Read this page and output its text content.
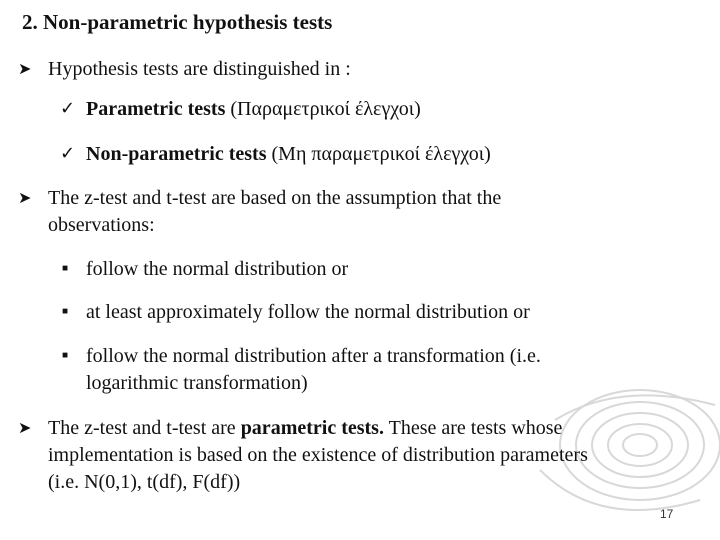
2. Non-parametric hypothesis tests
➤ Hypothesis tests are distinguished in :
✓ Parametric tests (Παραμετρικοί έλεγχοι)
✓ Non-parametric tests (Μη παραμετρικοί έλεγχοι)
➤ The z-test and t-test are based on the assumption that the
observations:
■ follow the normal distribution or
■ at least approximately follow the normal distribution or
■ follow the normal distribution after a transformation (i.e.
logarithmic transformation)
➤ The z-test and t-test are parametric tests. These are tests whose
implementation is based on the existence of distribution parameters
(i.e. N(0,1), t(df), F(df))
17
